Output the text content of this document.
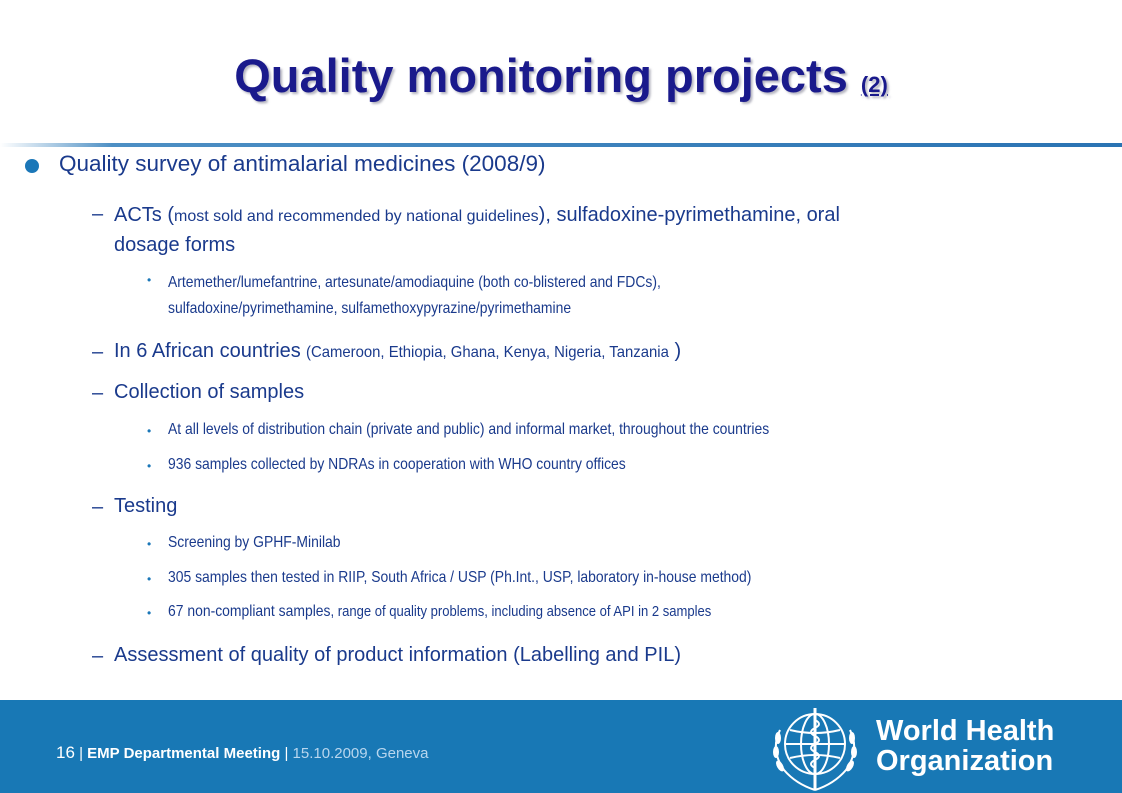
Quality monitoring projects (2)
Quality survey of antimalarial medicines (2008/9)
– ACTs (most sold and recommended by national guidelines), sulfadoxine-pyrimethamine, oral
dosage forms
• Artemether/lumefantrine, artesunate/amodiaquine (both co-blistered and FDCs),
sulfadoxine/pyrimethamine, sulfamethoxypyrazine/pyrimethamine
– In 6 African countries (Cameroon, Ethiopia, Ghana, Kenya, Nigeria, Tanzania )
– Collection of samples
• At all levels of distribution chain (private and public) and informal market, throughout the countries
• 936 samples collected by NDRAs in cooperation with WHO country offices
– Testing
• Screening by GPHF-Minilab
• 305 samples then tested in RIIP, South Africa / USP (Ph.Int., USP, laboratory in-house method)
• 67 non-compliant samples, range of quality problems, including absence of API in 2 samples
– Assessment of quality of product information (Labelling and PIL)
16 | EMP Departmental Meeting | 15.10.2009, Geneva
World Health
Organization
